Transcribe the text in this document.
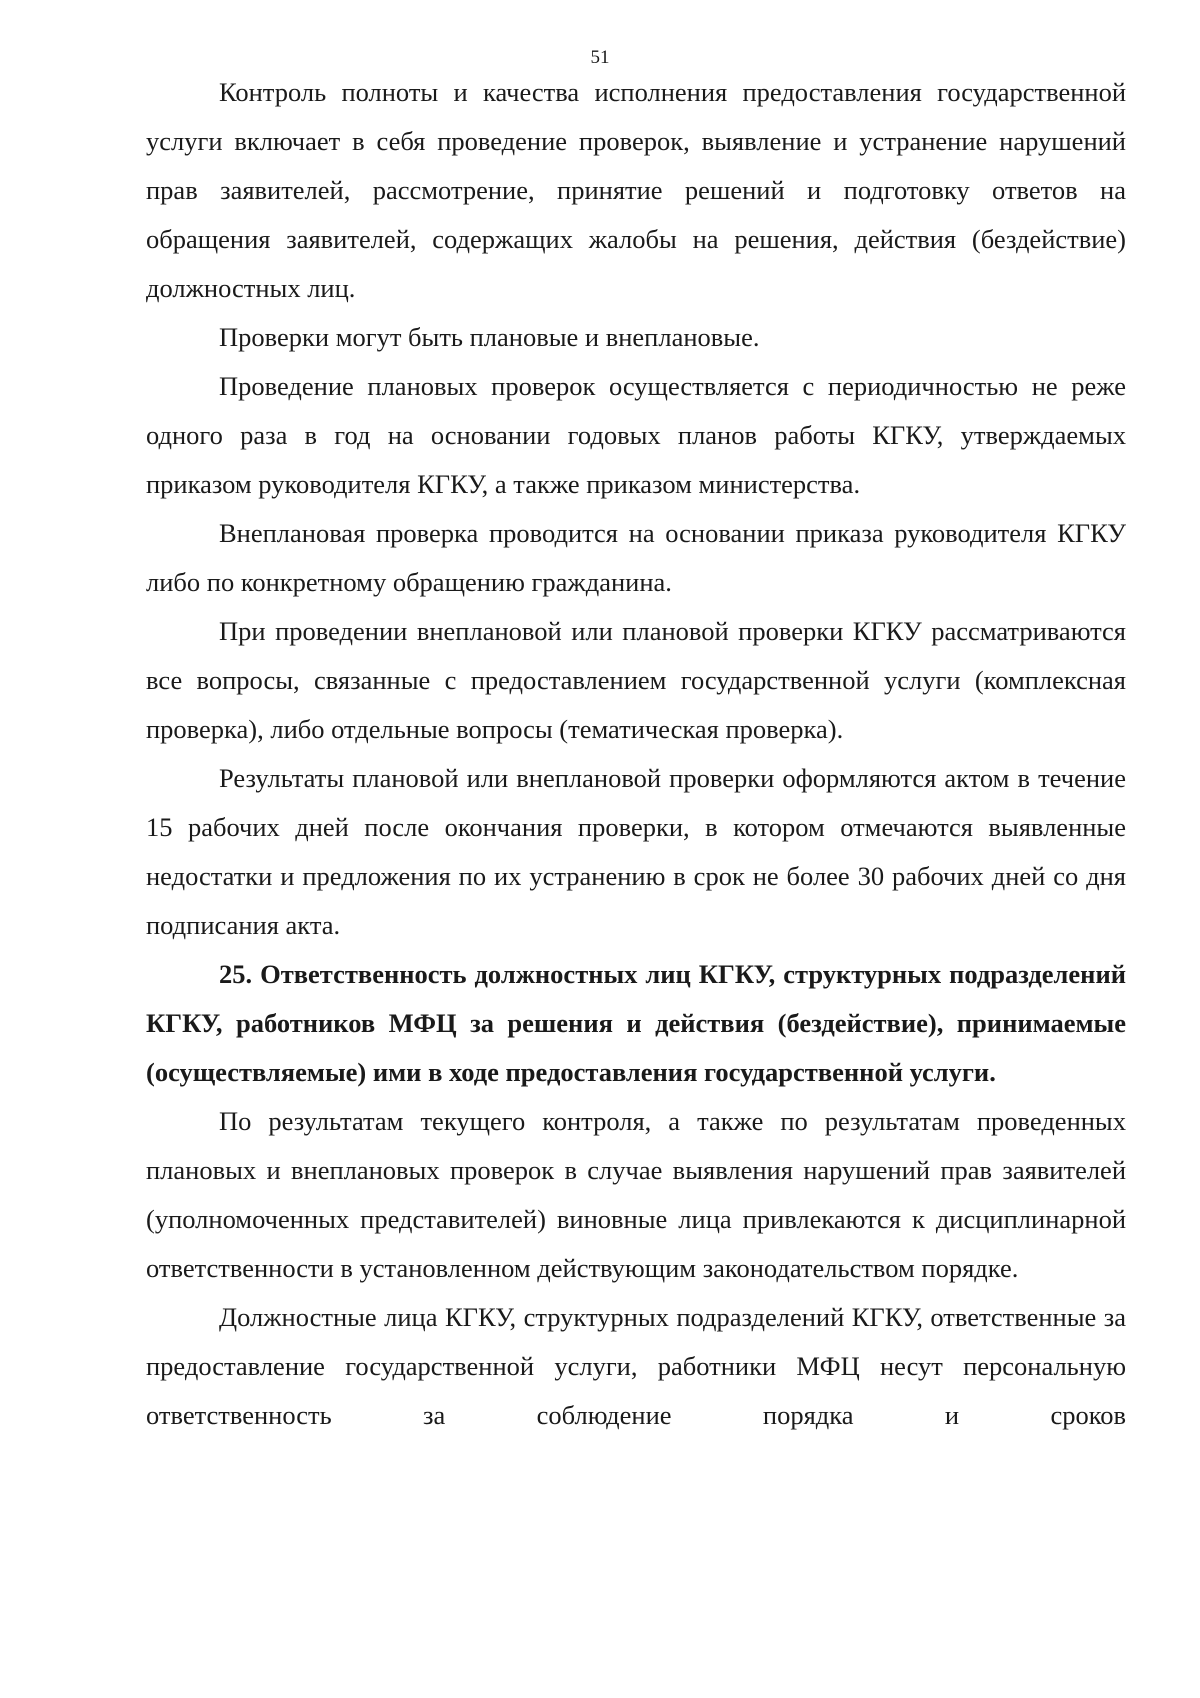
51

Контроль полноты и качества исполнения предоставления государственной услуги включает в себя проведение проверок, выявление и устранение нарушений прав заявителей, рассмотрение, принятие решений и подготовку ответов на обращения заявителей, содержащих жалобы на решения, действия (бездействие) должностных лиц.

Проверки могут быть плановые и внеплановые.

Проведение плановых проверок осуществляется с периодичностью не реже одного раза в год на основании годовых планов работы КГКУ, утверждаемых приказом руководителя КГКУ, а также приказом министерства.

Внеплановая проверка проводится на основании приказа руководителя КГКУ либо по конкретному обращению гражданина.

При проведении внеплановой или плановой проверки КГКУ рассматриваются все вопросы, связанные с предоставлением государственной услуги (комплексная проверка), либо отдельные вопросы (тематическая проверка).

Результаты плановой или внеплановой проверки оформляются актом в течение 15 рабочих дней после окончания проверки, в котором отмечаются выявленные недостатки и предложения по их устранению в срок не более 30 рабочих дней со дня подписания акта.

25. Ответственность должностных лиц КГКУ, структурных подразделений КГКУ, работников МФЦ за решения и действия (бездействие), принимаемые (осуществляемые) ими в ходе предоставления государственной услуги.

По результатам текущего контроля, а также по результатам проведенных плановых и внеплановых проверок в случае выявления нарушений прав заявителей (уполномоченных представителей) виновные лица привлекаются к дисциплинарной ответственности в установленном действующим законодательством порядке.

Должностные лица КГКУ, структурных подразделений КГКУ, ответственные за предоставление государственной услуги, работники МФЦ несут персональную ответственность за соблюдение порядка и сроков
